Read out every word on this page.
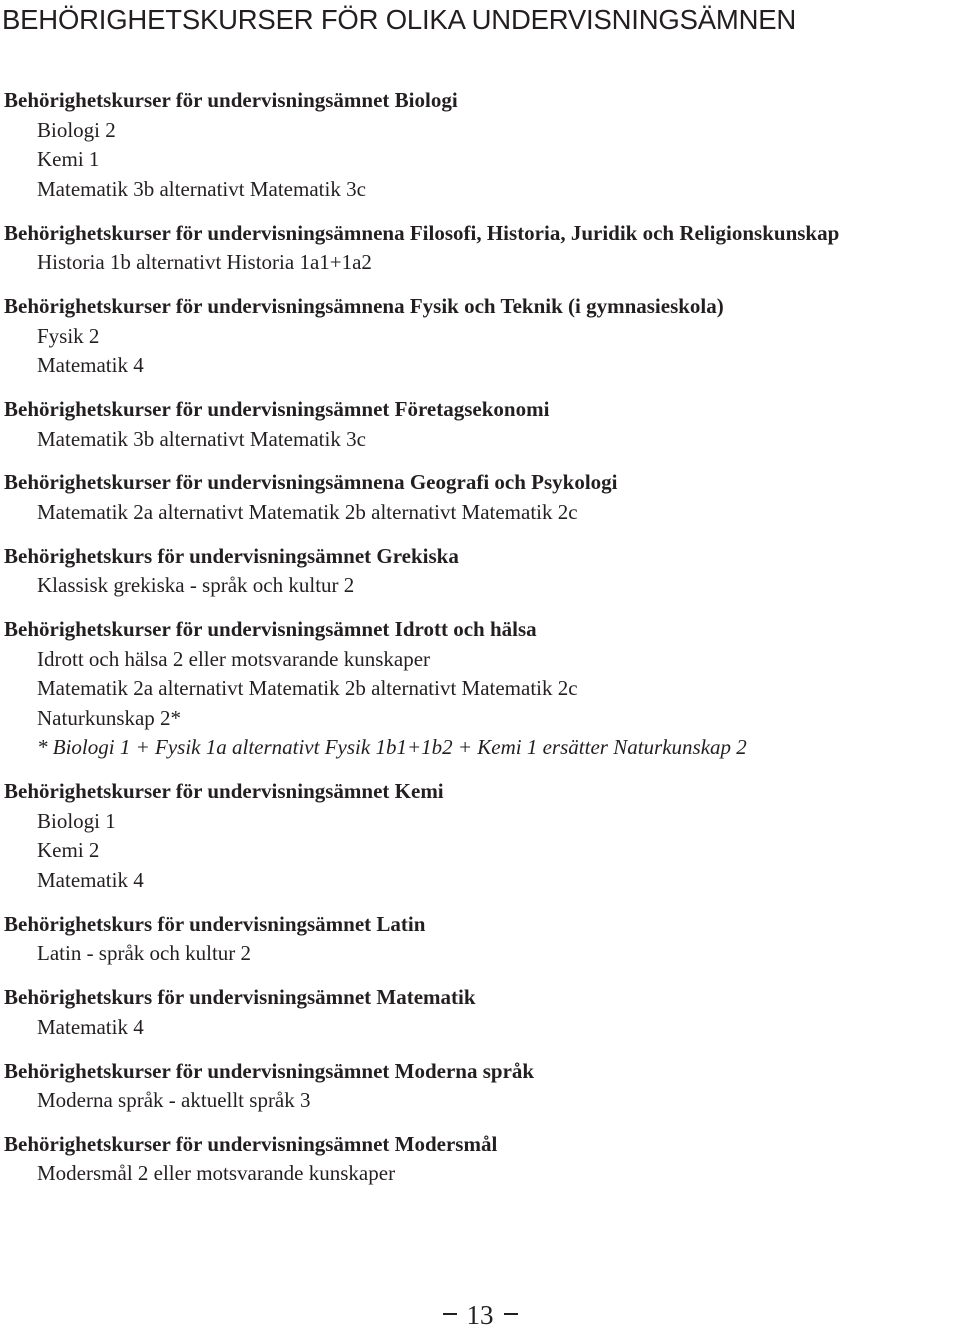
BEHÖRIGHETSKURSER FÖR OLIKA UNDERVISNINGSÄMNEN
Behörighetskurser för undervisningsämnet Biologi
Biologi 2
Kemi 1
Matematik 3b alternativt Matematik 3c
Behörighetskurser för undervisningsämnena Filosofi, Historia, Juridik och Religionskunskap
Historia 1b alternativt Historia 1a1+1a2
Behörighetskurser för undervisningsämnena Fysik och Teknik (i gymnasieskola)
Fysik 2
Matematik 4
Behörighetskurser för undervisningsämnet Företagsekonomi
Matematik 3b alternativt Matematik 3c
Behörighetskurser för undervisningsämnena Geografi och Psykologi
Matematik 2a alternativt Matematik 2b alternativt Matematik 2c
Behörighetskurs för undervisningsämnet Grekiska
Klassisk grekiska - språk och kultur 2
Behörighetskurser för undervisningsämnet Idrott och hälsa
Idrott och hälsa 2 eller motsvarande kunskaper
Matematik 2a alternativt Matematik 2b alternativt Matematik 2c
Naturkunskap 2*
* Biologi 1 + Fysik 1a alternativt Fysik 1b1+1b2 + Kemi 1 ersätter Naturkunskap 2
Behörighetskurser för undervisningsämnet Kemi
Biologi 1
Kemi 2
Matematik 4
Behörighetskurs för undervisningsämnet Latin
Latin - språk och kultur 2
Behörighetskurs för undervisningsämnet Matematik
Matematik 4
Behörighetskurser för undervisningsämnet Moderna språk
Moderna språk - aktuellt språk 3
Behörighetskurser för undervisningsämnet Modersmål
Modersmål 2 eller motsvarande kunskaper
13
